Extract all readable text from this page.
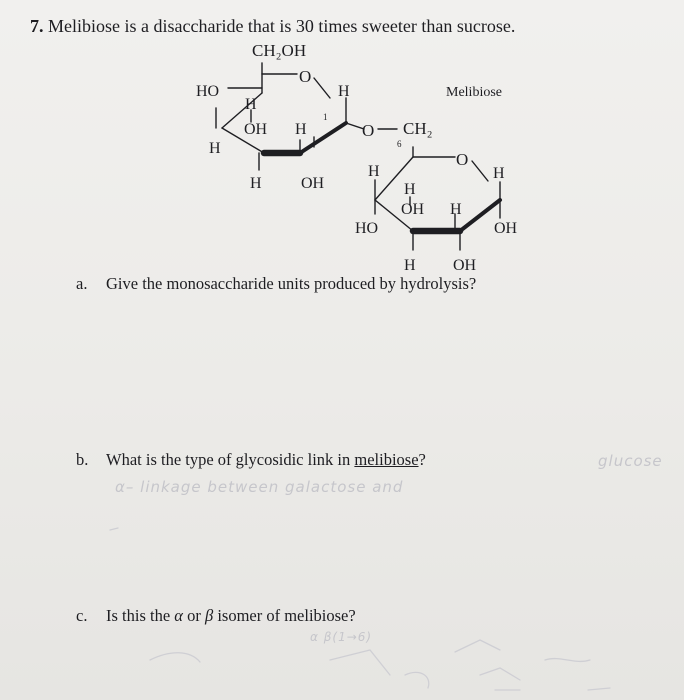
7. Melibiose is a disaccharide that is 30 times sweeter than sucrose.
CH₂OH
O
H
HO
H
H
OH H
1
H OH
O CH₂
6
Melibiose
O
H
H
H
OH H
HO	OH
H OH

a. Give the monosaccharide units produced by hydrolysis?

b. What is the type of glycosidic link in melibiose?

α– linkage between galactose and

glucose

c. Is this the α or β isomer of melibiose?

α β(1→6)
